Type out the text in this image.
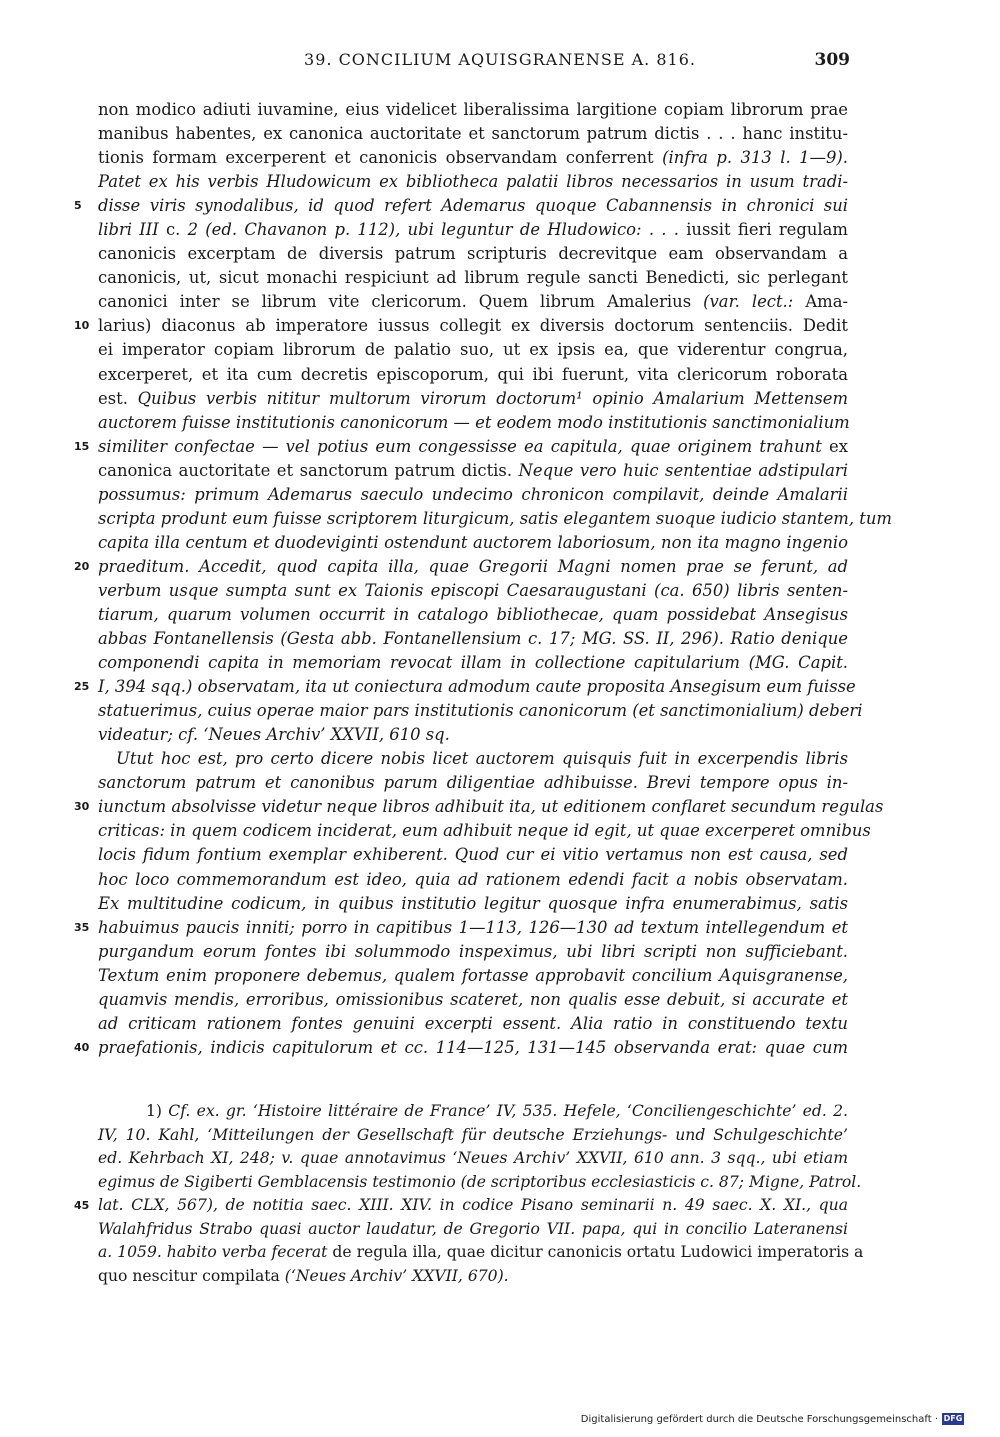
39. CONCILIUM AQUISGRANENSE A. 816.	309
non modico adiuti iuvamine, eius videlicet liberalissima largitione copiam librorum prae
manibus habentes, ex canonica auctoritate et sanctorum patrum dictis . . . hanc institu-
tionis formam excerperent et canonicis observandam conferrent (infra p. 313 l. 1—9).
Patet ex his verbis Hludowicum ex bibliotheca palatii libros necessarios in usum tradi-
5 disse viris synodalibus, id quod refert Ademarus quoque Cabannensis in chronici sui
libri III c. 2 (ed. Chavanon p. 112), ubi leguntur de Hludowico: . . . iussit fieri regulam
canonicis excerptam de diversis patrum scripturis decrevitque eam observandam a
canonicis, ut, sicut monachi respiciunt ad librum regule sancti Benedicti, sic perlegant
canonici inter se librum vite clericorum. Quem librum Amalerius (var. lect.: Ama-
10 larius) diaconus ab imperatore iussus collegit ex diversis doctorum sentenciis. Dedit
ei imperator copiam librorum de palatio suo, ut ex ipsis ea, que viderentur congrua,
excerperet, et ita cum decretis episcoporum, qui ibi fuerunt, vita clericorum roborata
est. Quibus verbis nititur multorum virorum doctorum¹ opinio Amalarium Mettensem
auctorem fuisse institutionis canonicorum — et eodem modo institutionis sanctimonialium
15 similiter confectae — vel potius eum congessisse ea capitula, quae originem trahunt ex
canonica auctoritate et sanctorum patrum dictis. Neque vero huic sententiae adstipulari
possumus: primum Ademarus saeculo undecimo chronicon compilavit, deinde Amalarii
scripta produnt eum fuisse scriptorem liturgicum, satis elegantem suoque iudicio stantem, tum
capita illa centum et duodeviginti ostendunt auctorem laboriosum, non ita magno ingenio
20 praeditum. Accedit, quod capita illa, quae Gregorii Magni nomen prae se ferunt, ad
verbum usque sumpta sunt ex Taionis episcopi Caesaraugustani (ca. 650) libris senten-
tiarum, quarum volumen occurrit in catalogo bibliothecae, quam possidebat Ansegisus
abbas Fontanellensis (Gesta abb. Fontanellensium c. 17; MG. SS. II, 296). Ratio denique
componendi capita in memoriam revocat illam in collectione capitularium (MG. Capit.
25 I, 394 sqq.) observatam, ita ut coniectura admodum caute proposita Ansegisum eum fuisse
statuerimus, cuius operae maior pars institutionis canonicorum (et sanctimonialium) deberi
videatur; cf. ‘Neues Archiv’ XXVII, 610 sq.
Utut hoc est, pro certo dicere nobis licet auctorem quisquis fuit in excerpendis libris
sanctorum patrum et canonibus parum diligentiae adhibuisse. Brevi tempore opus in-
30 iunctum absolvisse videtur neque libros adhibuit ita, ut editionem conflaret secundum regulas
criticas: in quem codicem inciderat, eum adhibuit neque id egit, ut quae excerperet omnibus
locis fidum fontium exemplar exhiberent. Quod cur ei vitio vertamus non est causa, sed
hoc loco commemorandum est ideo, quia ad rationem edendi facit a nobis observatam.
Ex multitudine codicum, in quibus institutio legitur quosque infra enumerabimus, satis
35 habuimus paucis inniti; porro in capitibus 1—113, 126—130 ad textum intellegendum et
purgandum eorum fontes ibi solummodo inspeximus, ubi libri scripti non sufficiebant.
Textum enim proponere debemus, qualem fortasse approbavit concilium Aquisgranense,
quamvis mendis, erroribus, omissionibus scateret, non qualis esse debuit, si accurate et
ad criticam rationem fontes genuini excerpti essent. Alia ratio in constituendo textu
40 praefationis, indicis capitulorum et cc. 114—125, 131—145 observanda erat: quae cum
1) Cf. ex. gr. ‘Histoire littéraire de France’ IV, 535. Hefele, ‘Conciliengeschichte’ ed. 2.
IV, 10. Kahl, ‘Mitteilungen der Gesellschaft für deutsche Erziehungs- und Schulgeschichte’
ed. Kehrbach XI, 248; v. quae annotavimus ‘Neues Archiv’ XXVII, 610 ann. 3 sqq., ubi etiam
egimus de Sigiberti Gemblacensis testimonio (de scriptoribus ecclesiasticis c. 87; Migne, Patrol.
45 lat. CLX, 567), de notitia saec. XIII. XIV. in codice Pisano seminarii n. 49 saec. X. XI., qua
Walahfridus Strabo quasi auctor laudatur, de Gregorio VII. papa, qui in concilio Lateranensi
a. 1059. habito verba fecerat de regula illa, quae dicitur canonicis ortatu Ludowici imperatoris a
quo nescitur compilata (‘Neues Archiv’ XXVII, 670).
Digitalisierung gefördert durch die Deutsche Forschungsgemeinschaft · DFG
